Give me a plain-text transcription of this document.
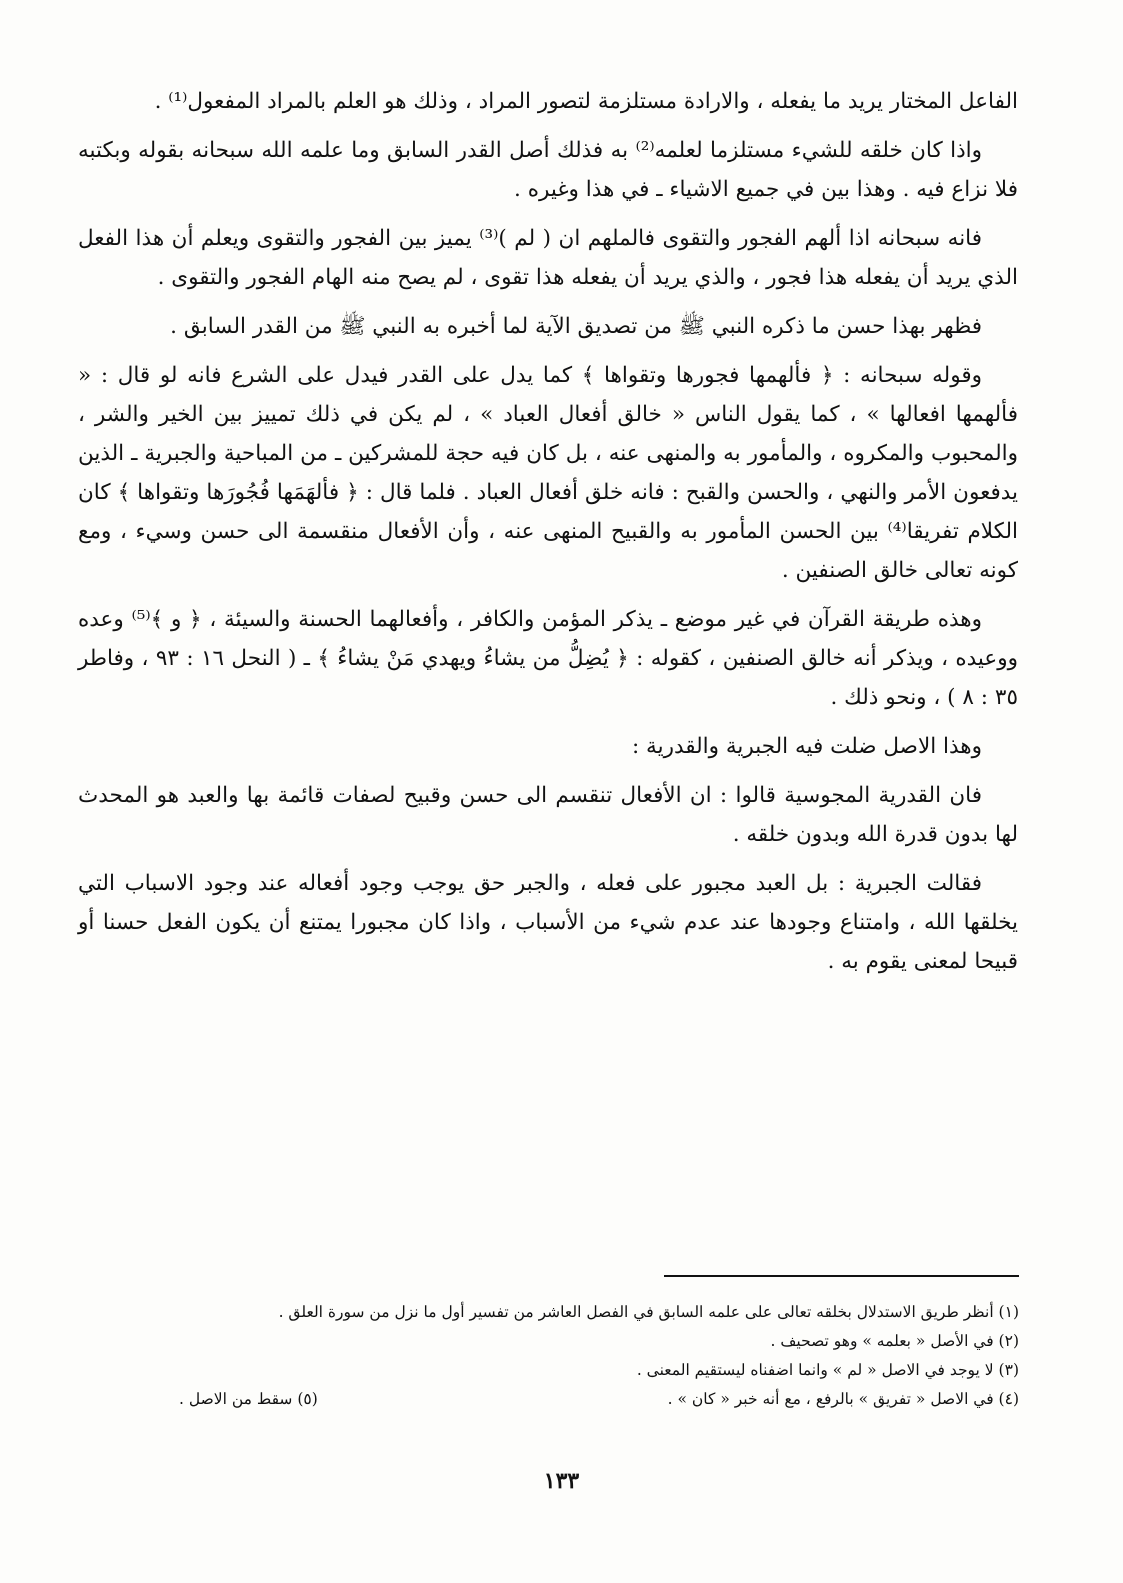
الفاعل المختار يريد ما يفعله ، والارادة مستلزمة لتصور المراد ، وذلك هو العلم بالمراد المفعول⁽¹⁾ .

واذا كان خلقه للشيء مستلزما لعلمه⁽²⁾ به فذلك أصل القدر السابق وما علمه الله سبحانه بقوله وبكتبه فلا نزاع فيه . وهذا بين في جميع الاشياء ـ في هذا وغيره .

فانه سبحانه اذا ألهم الفجور والتقوى فالملهم ان ( لم )⁽³⁾ يميز بين الفجور والتقوى ويعلم أن هذا الفعل الذي يريد أن يفعله هذا فجور ، والذي يريد أن يفعله هذا تقوى ، لم يصح منه الهام الفجور والتقوى .

فظهر بهذا حسن ما ذكره النبي ﷺ من تصديق الآية لما أخبره به النبي ﷺ من القدر السابق .

وقوله سبحانه : ﴿ فألهمها فجورها وتقواها ﴾ كما يدل على القدر فيدل على الشرع فانه لو قال : « فألهمها افعالها » ، كما يقول الناس « خالق أفعال العباد » ، لم يكن في ذلك تمييز بين الخير والشر ، والمحبوب والمكروه ، والمأمور به والمنهى عنه ، بل كان فيه حجة للمشركين ـ من المباحية والجبرية ـ الذين يدفعون الأمر والنهي ، والحسن والقبح : فانه خلق أفعال العباد . فلما قال : ﴿ فألهَمَها فُجُورَها وتقواها ﴾ كان الكلام تفريقا⁽⁴⁾ بين الحسن المأمور به والقبيح المنهى عنه ، وأن الأفعال منقسمة الى حسن وسيء ، ومع كونه تعالى خالق الصنفين .

وهذه طريقة القرآن في غير موضع ـ يذكر المؤمن والكافر ، وأفعالهما الحسنة والسيئة ، ﴿ و ﴾⁽⁵⁾ وعده ووعيده ، ويذكر أنه خالق الصنفين ، كقوله : ﴿ يُضِلُّ من يشاءُ ويهدي مَنْ يشاءُ ﴾ ـ ( النحل ١٦ : ٩٣ ، وفاطر ٣٥ : ٨ ) ، ونحو ذلك .

وهذا الاصل ضلت فيه الجبرية والقدرية :

فان القدرية المجوسية قالوا : ان الأفعال تنقسم الى حسن وقبيح لصفات قائمة بها والعبد هو المحدث لها بدون قدرة الله وبدون خلقه .

فقالت الجبرية : بل العبد مجبور على فعله ، والجبر حق يوجب وجود أفعاله عند وجود الاسباب التي يخلقها الله ، وامتناع وجودها عند عدم شيء من الأسباب ، واذا كان مجبورا يمتنع أن يكون الفعل حسنا أو قبيحا لمعنى يقوم به .

(١) أنظر طريق الاستدلال بخلقه تعالى على علمه السابق في الفصل العاشر من تفسير أول ما نزل من سورة العلق .

(٢) في الأصل « بعلمه » وهو تصحيف .

(٣) لا يوجد في الاصل « لم » وانما اضفناه ليستقيم المعنى .

(٤) في الاصل « تفريق » بالرفع ، مع أنه خبر « كان » .

(٥) سقط من الاصل .

١٣٣
